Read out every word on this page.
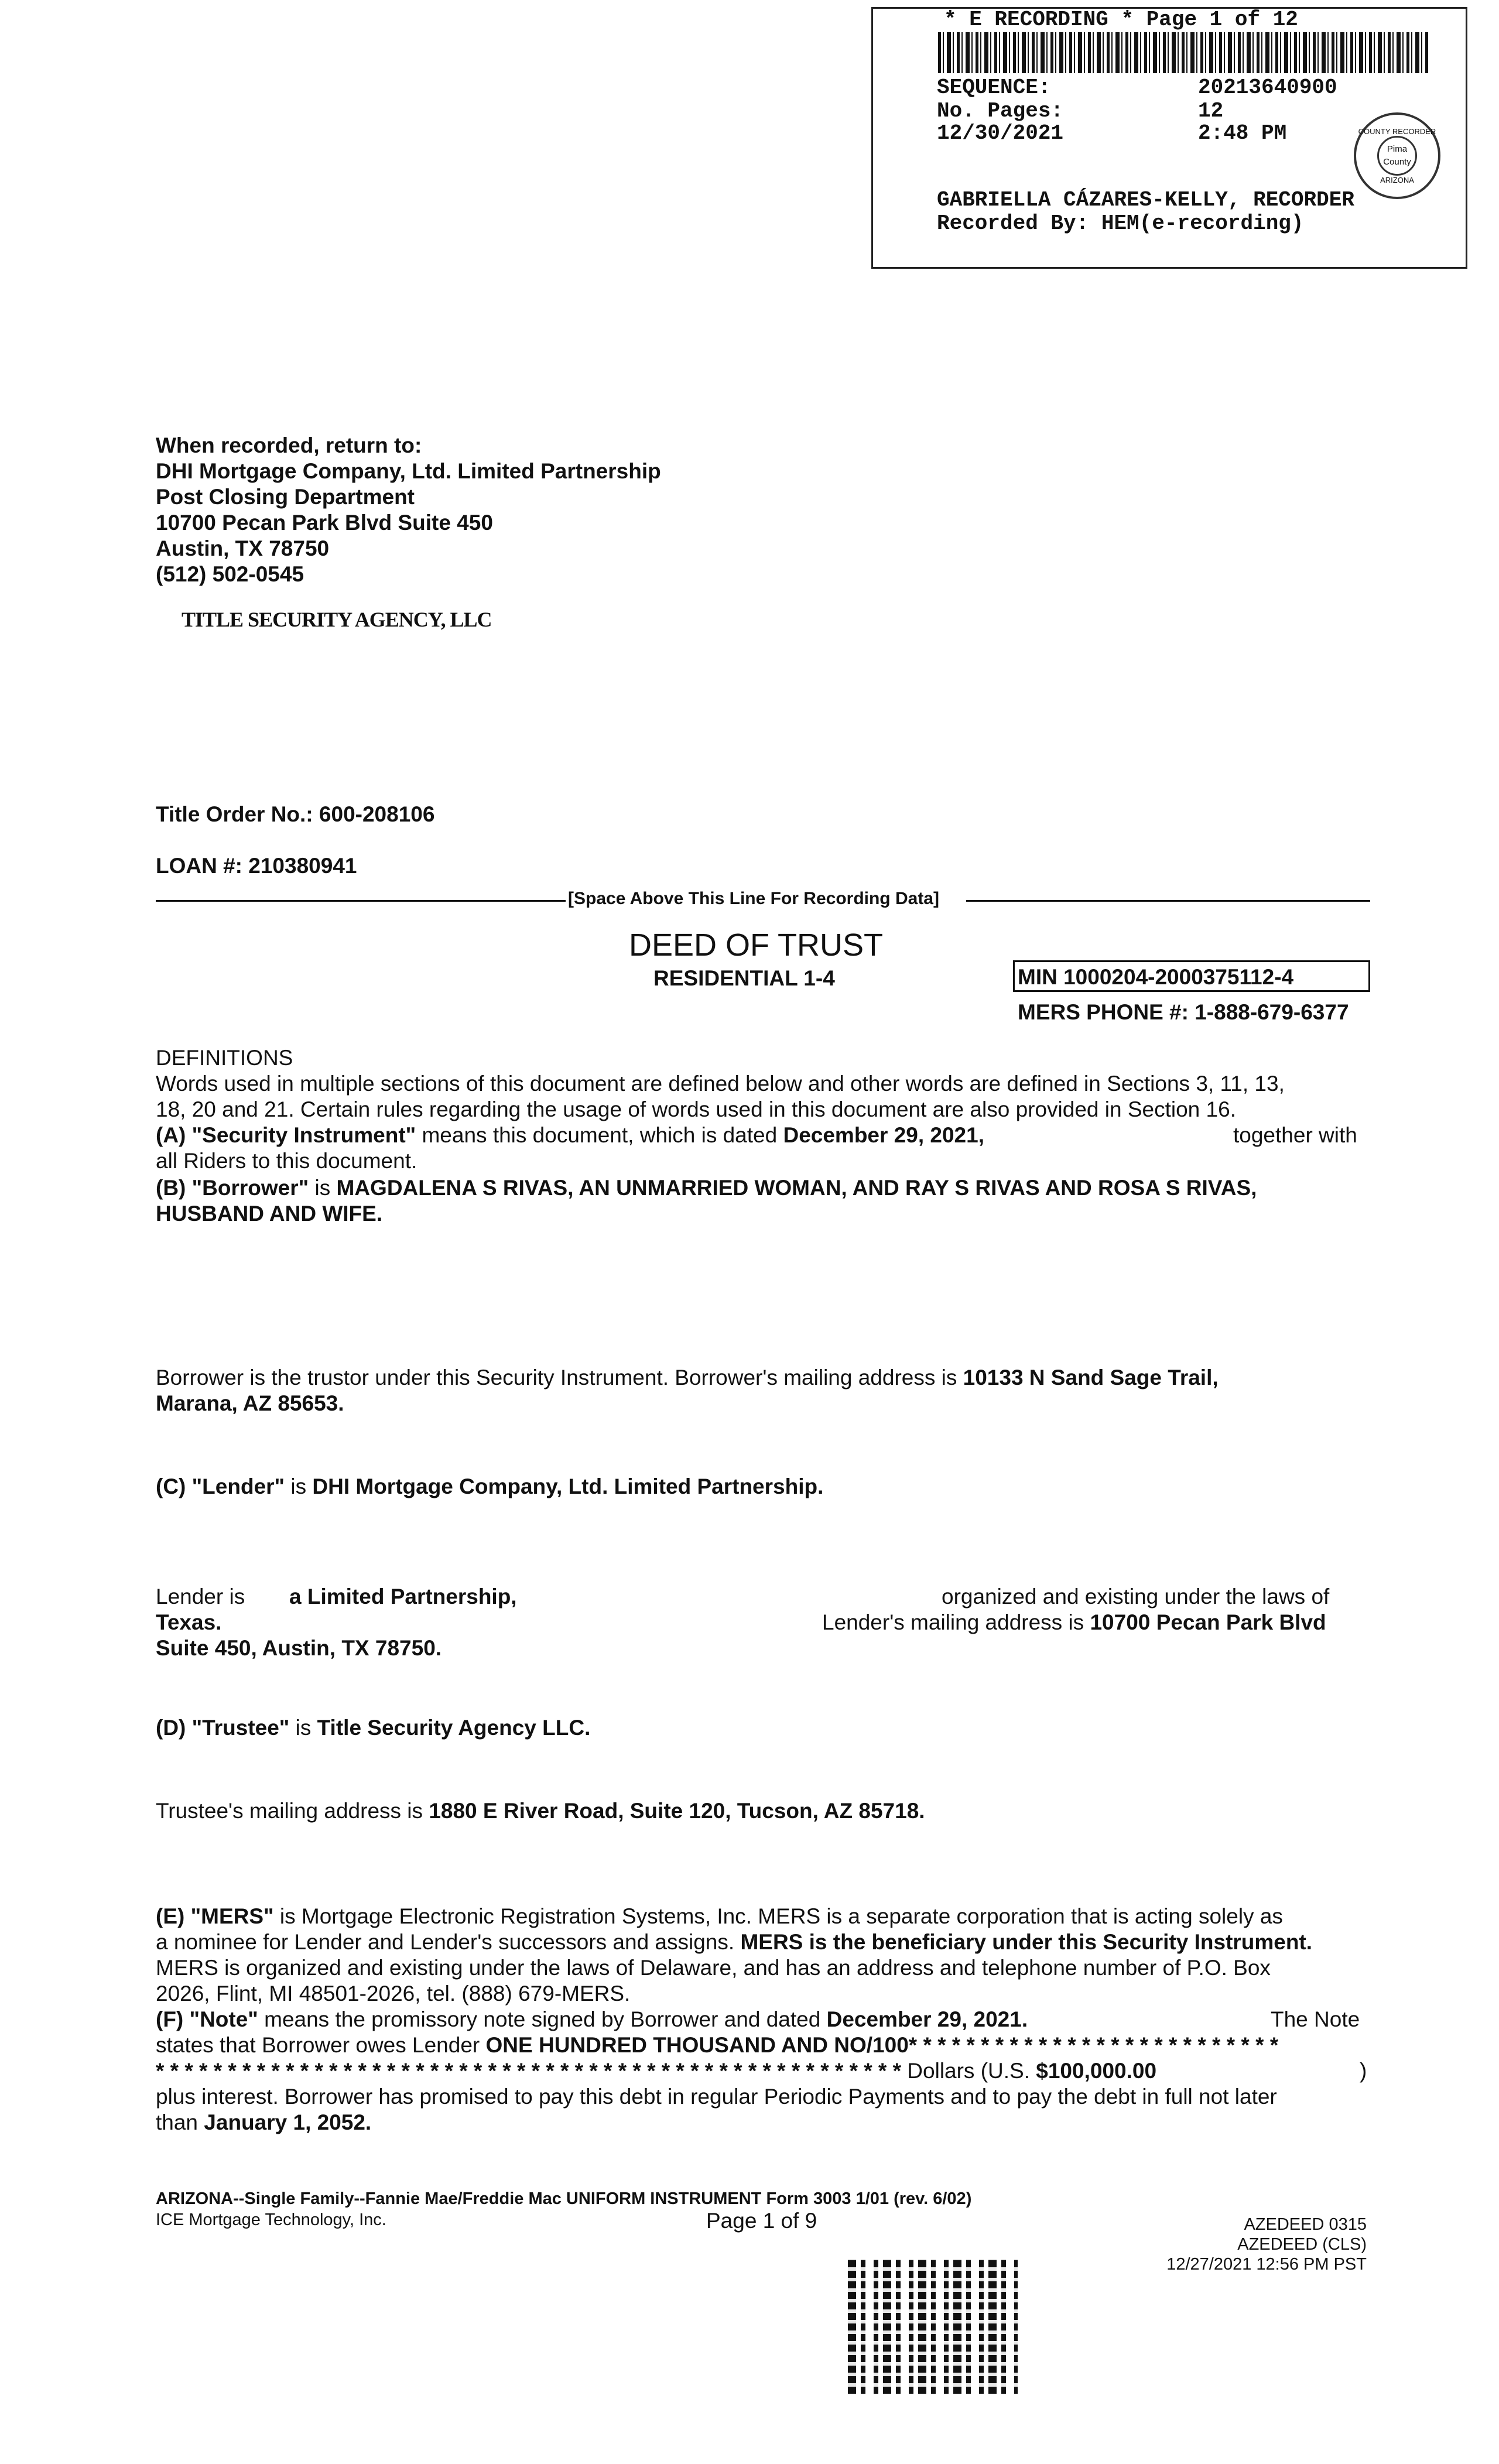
* E RECORDING * Page 1 of 12
SEQUENCE:	20213640900
No. Pages:	12
12/30/2021	2:48 PM	COUNTY RECORDER
Pima County
ARIZONA
GABRIELLA CÁZARES-KELLY, RECORDER
Recorded By: HEM(e-recording)
When recorded, return to:
DHI Mortgage Company, Ltd. Limited Partnership
Post Closing Department
10700 Pecan Park Blvd Suite 450
Austin, TX 78750
(512) 502-0545
TITLE SECURITY AGENCY, LLC
Title Order No.: 600-208106
LOAN #: 210380941
[Space Above This Line For Recording Data]
DEED OF TRUST
RESIDENTIAL 1-4	MIN 1000204-2000375112-4
MERS PHONE #: 1-888-679-6377
DEFINITIONS
Words used in multiple sections of this document are defined below and other words are defined in Sections 3, 11, 13,
18, 20 and 21. Certain rules regarding the usage of words used in this document are also provided in Section 16.
(A) "Security Instrument" means this document, which is dated December 29, 2021,	together with
all Riders to this document.
(B) "Borrower" is MAGDALENA S RIVAS, AN UNMARRIED WOMAN, AND RAY S RIVAS AND ROSA S RIVAS,
HUSBAND AND WIFE.
Borrower is the trustor under this Security Instrument. Borrower's mailing address is 10133 N Sand Sage Trail,
Marana, AZ 85653.
(C) "Lender" is DHI Mortgage Company, Ltd. Limited Partnership.
Lender is a Limited Partnership,	organized and existing under the laws of
Texas.	Lender's mailing address is 10700 Pecan Park Blvd
Suite 450, Austin, TX 78750.
(D) "Trustee" is Title Security Agency LLC.
Trustee's mailing address is 1880 E River Road, Suite 120, Tucson, AZ 85718.
(E) "MERS" is Mortgage Electronic Registration Systems, Inc. MERS is a separate corporation that is acting solely as
a nominee for Lender and Lender's successors and assigns. MERS is the beneficiary under this Security Instrument.
MERS is organized and existing under the laws of Delaware, and has an address and telephone number of P.O. Box
2026, Flint, MI 48501-2026, tel. (888) 679-MERS.
(F) "Note" means the promissory note signed by Borrower and dated December 29, 2021.	The Note
states that Borrower owes Lender ONE HUNDRED THOUSAND AND NO/100* * * * * * * * * * * * * * * * * * * * * * * * * *
* * * * * * * * * * * * * * * * * * * * * * * * * * * * * * * * * * * * * * * * * * * * * * * * * * * * Dollars (U.S. $100,000.00	)
plus interest. Borrower has promised to pay this debt in regular Periodic Payments and to pay the debt in full not later
than January 1, 2052.
ARIZONA--Single Family--Fannie Mae/Freddie Mac UNIFORM INSTRUMENT Form 3003 1/01 (rev. 6/02)
ICE Mortgage Technology, Inc.	Page 1 of 9	AZEDEED 0315
AZEDEED (CLS)
12/27/2021 12:56 PM PST
